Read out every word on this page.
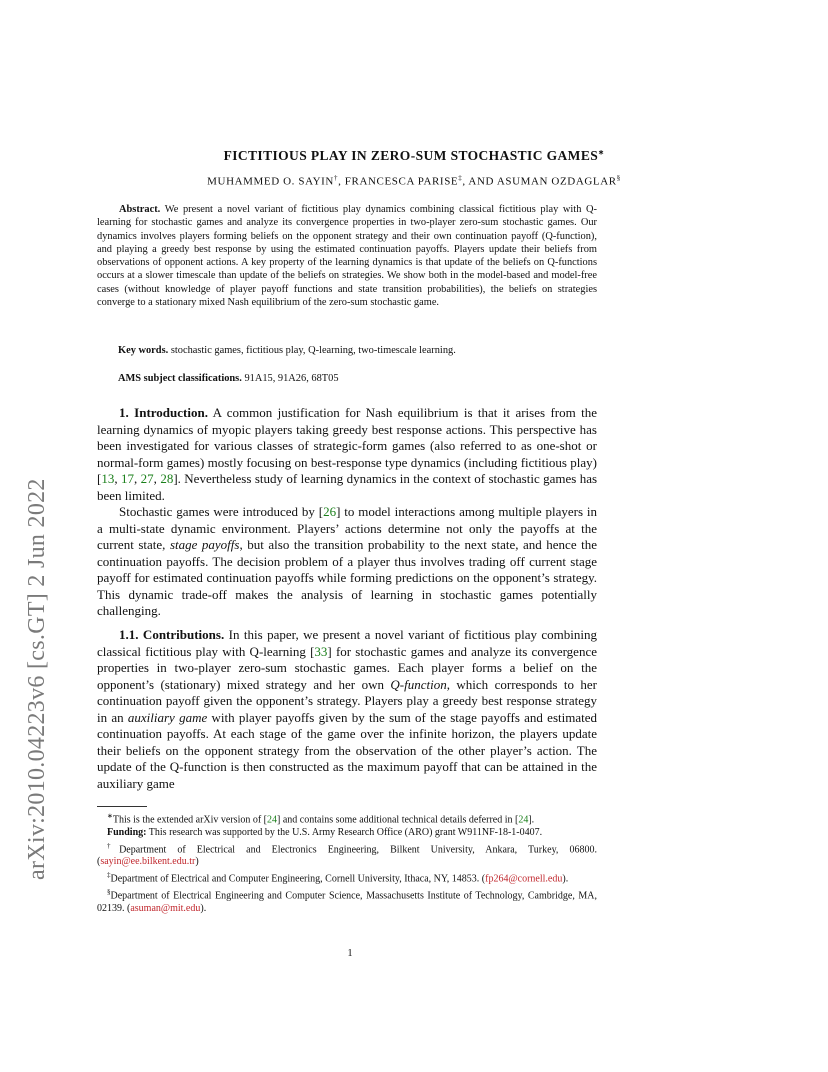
arXiv:2010.04223v6 [cs.GT] 2 Jun 2022
FICTITIOUS PLAY IN ZERO-SUM STOCHASTIC GAMES∗
MUHAMMED O. SAYIN†, FRANCESCA PARISE‡, AND ASUMAN OZDAGLAR§
Abstract. We present a novel variant of fictitious play dynamics combining classical fictitious play with Q-learning for stochastic games and analyze its convergence properties in two-player zero-sum stochastic games. Our dynamics involves players forming beliefs on the opponent strategy and their own continuation payoff (Q-function), and playing a greedy best response by using the estimated continuation payoffs. Players update their beliefs from observations of opponent actions. A key property of the learning dynamics is that update of the beliefs on Q-functions occurs at a slower timescale than update of the beliefs on strategies. We show both in the model-based and model-free cases (without knowledge of player payoff functions and state transition probabilities), the beliefs on strategies converge to a stationary mixed Nash equilibrium of the zero-sum stochastic game.
Key words. stochastic games, fictitious play, Q-learning, two-timescale learning.
AMS subject classifications. 91A15, 91A26, 68T05

1. Introduction. A common justification for Nash equilibrium is that it arises from the learning dynamics of myopic players taking greedy best response actions. This perspective has been investigated for various classes of strategic-form games (also referred to as one-shot or normal-form games) mostly focusing on best-response type dynamics (including fictitious play) [13, 17, 27, 28]. Nevertheless study of learning dynamics in the context of stochastic games has been limited.

Stochastic games were introduced by [26] to model interactions among multiple players in a multi-state dynamic environment. Players’ actions determine not only the payoffs at the current state, stage payoffs, but also the transition probability to the next state, and hence the continuation payoffs. The decision problem of a player thus involves trading off current stage payoff for estimated continuation payoffs while forming predictions on the opponent’s strategy. This dynamic trade-off makes the analysis of learning in stochastic games potentially challenging.

1.1. Contributions. In this paper, we present a novel variant of fictitious play combining classical fictitious play with Q-learning [33] for stochastic games and analyze its convergence properties in two-player zero-sum stochastic games. Each player forms a belief on the opponent’s (stationary) mixed strategy and her own Q-function, which corresponds to her continuation payoff given the opponent’s strategy. Players play a greedy best response strategy in an auxiliary game with player payoffs given by the sum of the stage payoffs and estimated continuation payoffs. At each stage of the game over the infinite horizon, the players update their beliefs on the opponent strategy from the observation of the other player’s action. The update of the Q-function is then constructed as the maximum payoff that can be attained in the auxiliary game

∗This is the extended arXiv version of [24] and contains some additional technical details deferred in [24].

Funding: This research was supported by the U.S. Army Research Office (ARO) grant W911NF-18-1-0407.

†Department of Electrical and Electronics Engineering, Bilkent University, Ankara, Turkey, 06800. (sayin@ee.bilkent.edu.tr)

‡Department of Electrical and Computer Engineering, Cornell University, Ithaca, NY, 14853. (fp264@cornell.edu).

§Department of Electrical Engineering and Computer Science, Massachusetts Institute of Technology, Cambridge, MA, 02139. (asuman@mit.edu).

1
